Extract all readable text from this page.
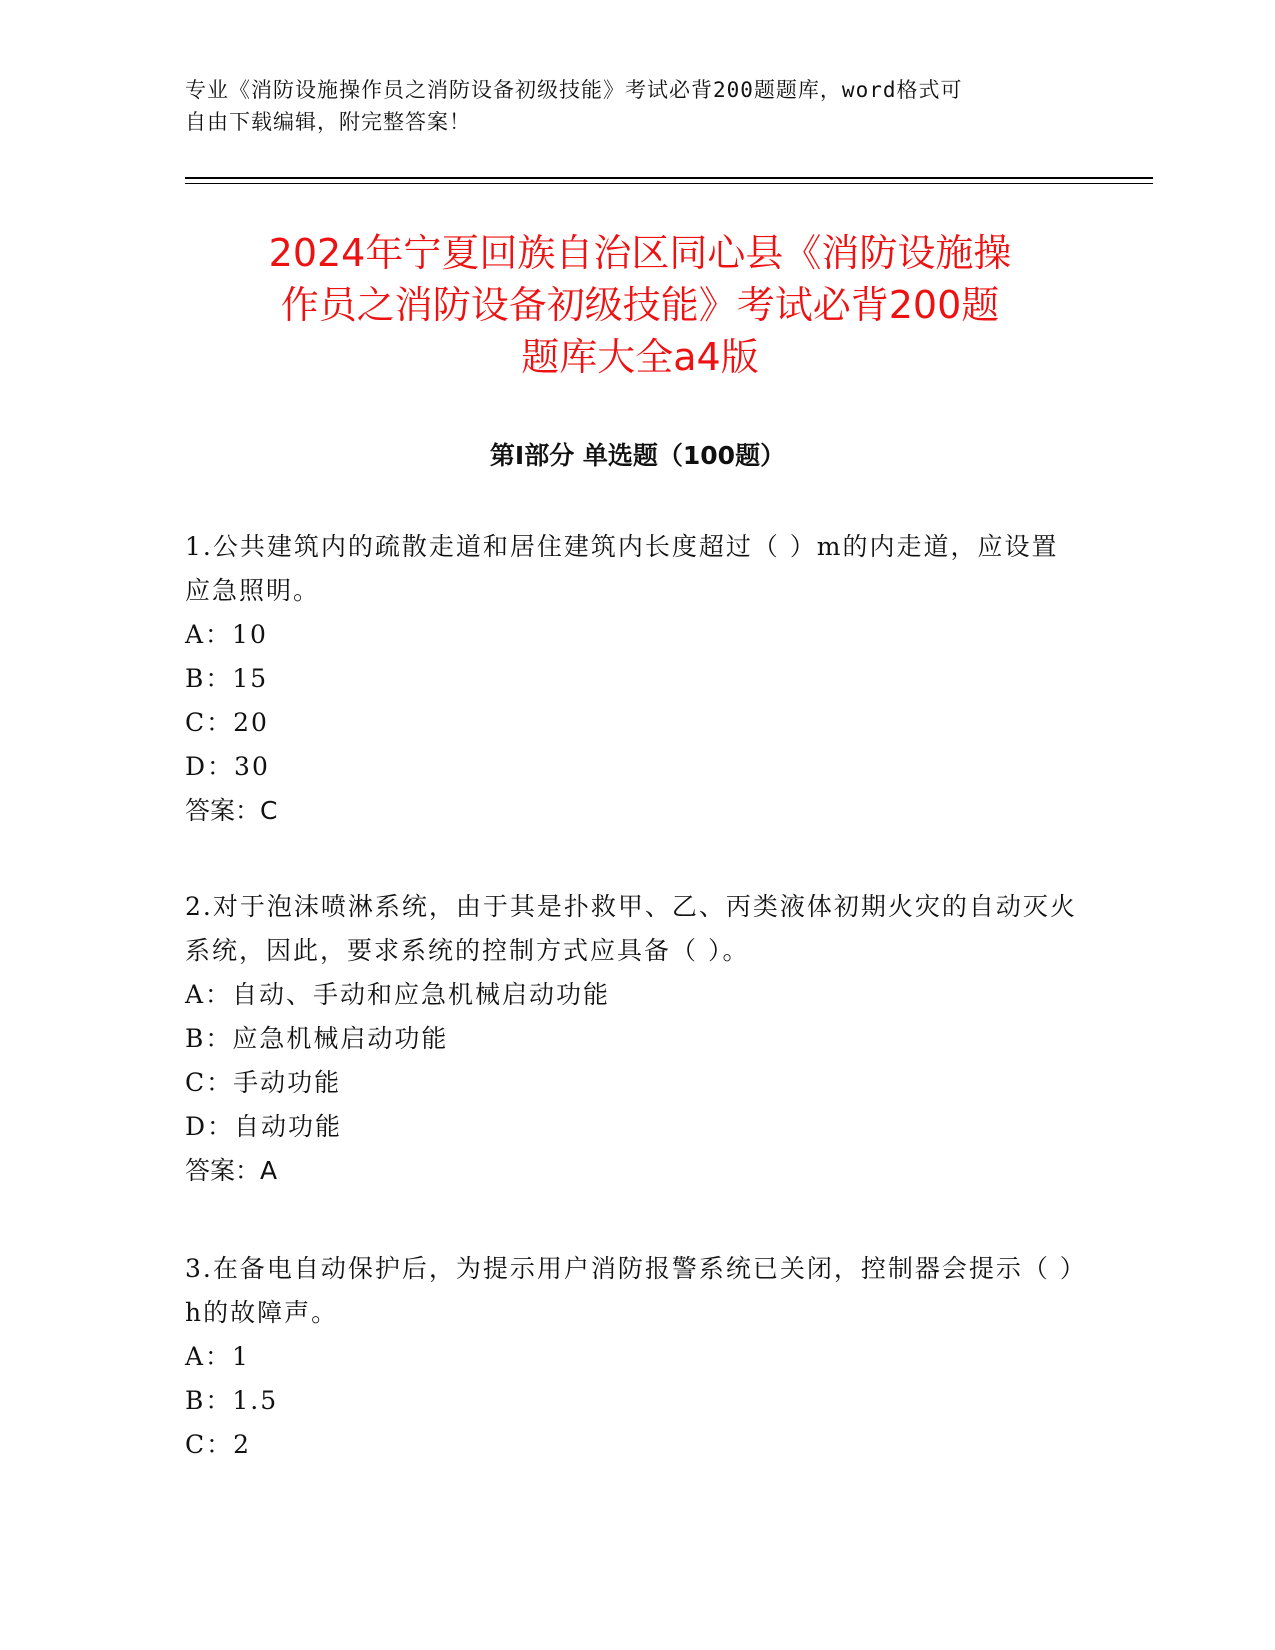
专业《消防设施操作员之消防设备初级技能》考试必背200题题库，word格式可
自由下载编辑，附完整答案！
2024年宁夏回族自治区同心县《消防设施操
作员之消防设备初级技能》考试必背200题
题库大全a4版
第I部分 单选题（100题）

1.公共建筑内的疏散走道和居住建筑内长度超过（ ）m的内走道，应设置应急照明。

A：10

B：15

C：20

D：30

答案：C

2.对于泡沫喷淋系统，由于其是扑救甲、乙、丙类液体初期火灾的自动灭火系统，因此，要求系统的控制方式应具备（ ）。

A：自动、手动和应急机械启动功能

B：应急机械启动功能

C：手动功能

D：自动功能

答案：A

3.在备电自动保护后，为提示用户消防报警系统已关闭，控制器会提示（ ）h的故障声。

A：1

B：1.5

C：2
